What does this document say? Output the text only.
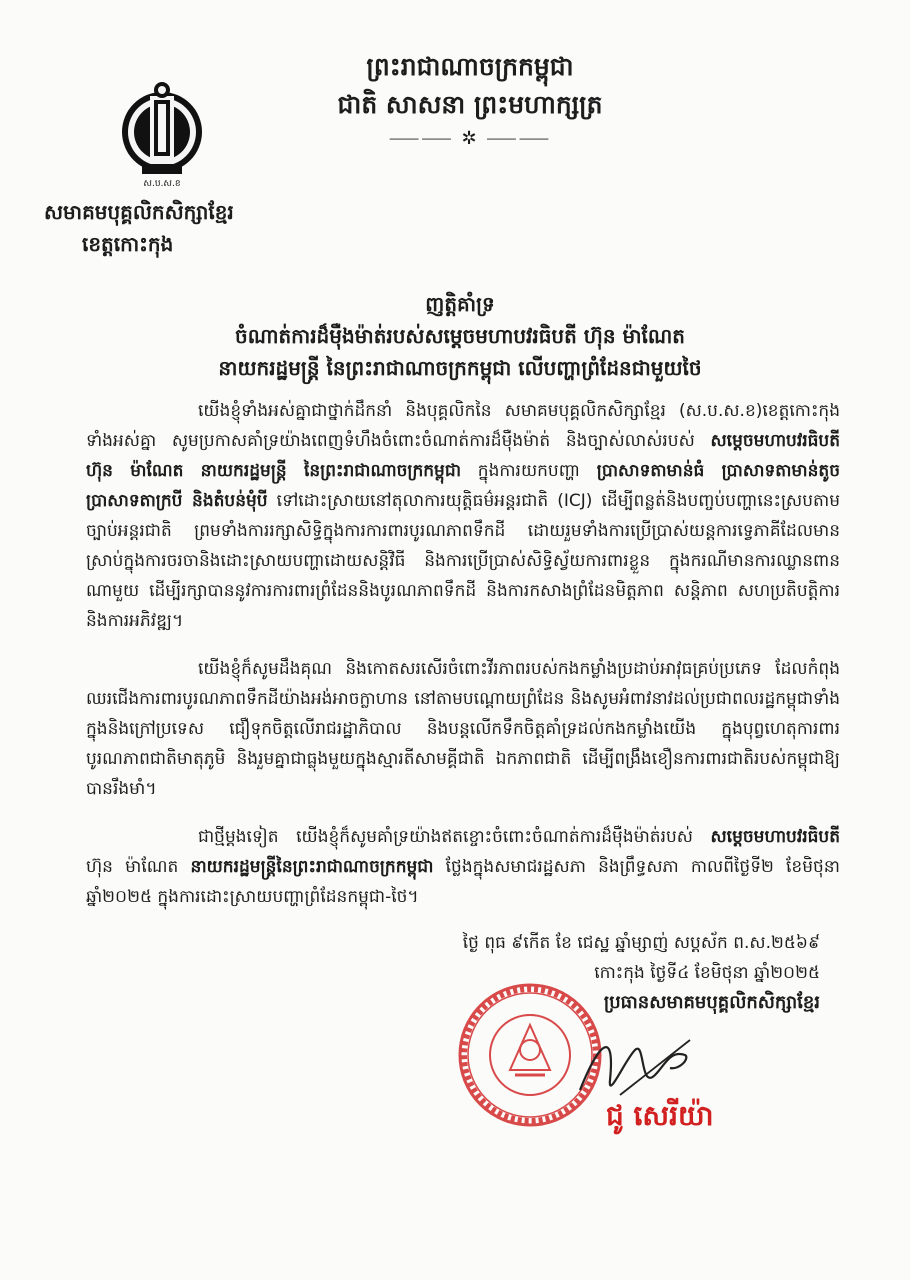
ព្រះរាជាណាចក្រកម្ពុជា
ជាតិ សាសនា ព្រះមហាក្សត្រ
⸺⸺ ✲ ⸺⸺
ស.ប.ស.ខ
សមាគមបុគ្គលិកសិក្សាខ្មែរ
ខេត្តកោះកុង
ញត្តិគាំទ្រ
ចំណាត់ការដ៏ម៉ឺងម៉ាត់របស់សម្ដេចមហាបវរធិបតី ហ៊ុន ម៉ាណែត
នាយករដ្ឋមន្ត្រី នៃព្រះរាជាណាចក្រកម្ពុជា លើបញ្ហាព្រំដែនជាមួយថៃ

យើងខ្ញុំទាំងអស់គ្នាជាថ្នាក់ដឹកនាំ និងបុគ្គលិកនៃ សមាគមបុគ្គលិកសិក្សាខ្មែរ (ស.ប.ស.ខ)ខេត្តកោះកុងទាំងអស់គ្នា សូមប្រកាសគាំទ្រយ៉ាងពេញទំហឹងចំពោះចំណាត់ការដ៏ម៉ឺងម៉ាត់ និងច្បាស់លាស់របស់ សម្ដេចមហាបវរធិបតី ហ៊ុន ម៉ាណែត នាយករដ្ឋមន្ត្រី នៃព្រះរាជាណាចក្រកម្ពុជា ក្នុងការយកបញ្ហា ប្រាសាទតាមាន់ធំ ប្រាសាទតាមាន់តូច ប្រាសាទតាក្របី និងតំបន់មុំបី ទៅដោះស្រាយនៅតុលាការយុត្តិធម៌អន្តរជាតិ (ICJ) ដើម្បីពន្លត់និងបញ្ចប់បញ្ហានេះស្របតាមច្បាប់អន្តរជាតិ ព្រមទាំងការរក្សាសិទ្ធិក្នុងការការពារបូរណភាពទឹកដី ដោយរួមទាំងការប្រើប្រាស់យន្តការទ្វេភាគីដែលមានស្រាប់ក្នុងការចរចានិងដោះស្រាយបញ្ហាដោយសន្តិវិធី និងការប្រើប្រាស់សិទ្ធិស្វ័យការពារខ្លួន ក្នុងករណីមានការឈ្លានពានណាមួយ ដើម្បីរក្សាបាននូវការការពារព្រំដែននិងបូរណភាពទឹកដី និងការកសាងព្រំដែនមិត្តភាព សន្តិភាព សហប្រតិបត្តិការ និងការអភិវឌ្ឍ។

យើងខ្ញុំក៏សូមដឹងគុណ និងកោតសរសើរចំពោះវីរភាពរបស់កងកម្លាំងប្រដាប់អាវុធគ្រប់ប្រភេទ ដែលកំពុងឈរជើងការពារបូរណភាពទឹកដីយ៉ាងអង់អាចក្លាហាន នៅតាមបណ្ដោយព្រំដែន និងសូមអំពាវនាវដល់ប្រជាពលរដ្ឋកម្ពុជាទាំងក្នុងនិងក្រៅប្រទេស ជឿទុកចិត្តលើរាជរដ្ឋាភិបាល និងបន្តលើកទឹកចិត្តគាំទ្រដល់កងកម្លាំងយើង ក្នុងបុព្វហេតុការពារបូរណភាពជាតិមាតុភូមិ និងរួមគ្នាជាធ្លុងមួយក្នុងស្មារតីសាមគ្គីជាតិ ឯកភាពជាតិ ដើម្បីពង្រឹងខឿនការពារជាតិរបស់កម្ពុជាឱ្យបានរឹងមាំ។

ជាថ្មីម្ដងទៀត យើងខ្ញុំក៏សូមគាំទ្រយ៉ាងឥតខ្ចោះចំពោះចំណាត់ការដ៏ម៉ឺងម៉ាត់របស់ សម្ដេចមហាបវរធិបតី ហ៊ុន ម៉ាណែត នាយករដ្ឋមន្ត្រីនៃព្រះរាជាណាចក្រកម្ពុជា ថ្លែងក្នុងសមាជរដ្ឋសភា និងព្រឹទ្ធសភា កាលពីថ្ងៃទី២ ខែមិថុនា ឆ្នាំ២០២៥ ក្នុងការដោះស្រាយបញ្ហាព្រំដែនកម្ពុជា-ថៃ។

ថ្ងៃ ពុធ ៩កើត ខែ ជេស្ឋ ឆ្នាំម្សាញ់ សប្ដស័ក ព.ស.២៥៦៩
កោះកុង ថ្ងៃទី៤ ខែមិថុនា ឆ្នាំ២០២៥
ប្រធានសមាគមបុគ្គលិកសិក្សាខ្មែរ
ជូ សេរីយ៉ា
